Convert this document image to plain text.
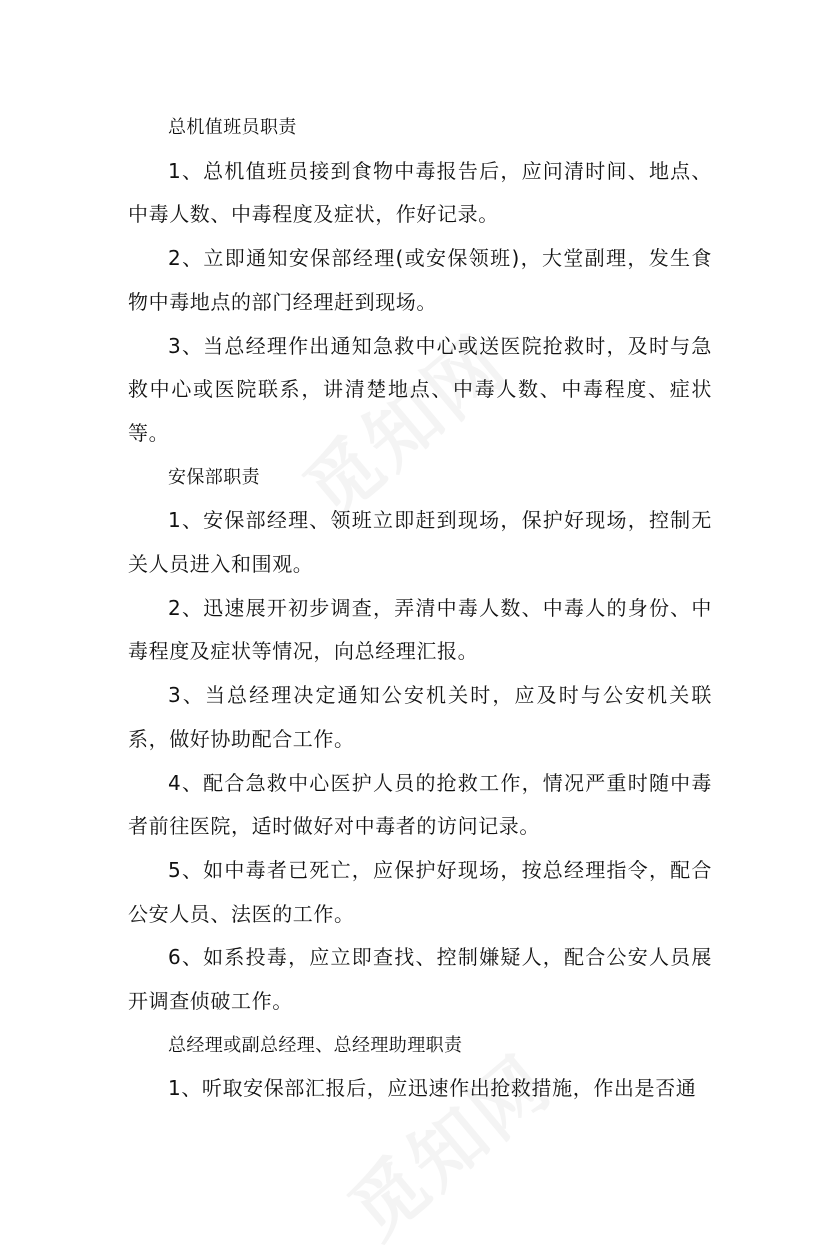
总机值班员职责

1、总机值班员接到食物中毒报告后，应问清时间、地点、中毒人数、中毒程度及症状，作好记录。

2、立即通知安保部经理(或安保领班)，大堂副理，发生食物中毒地点的部门经理赶到现场。

3、当总经理作出通知急救中心或送医院抢救时，及时与急救中心或医院联系，讲清楚地点、中毒人数、中毒程度、症状等。

安保部职责

1、安保部经理、领班立即赶到现场，保护好现场，控制无关人员进入和围观。

2、迅速展开初步调查，弄清中毒人数、中毒人的身份、中毒程度及症状等情况，向总经理汇报。

3、当总经理决定通知公安机关时，应及时与公安机关联系，做好协助配合工作。

4、配合急救中心医护人员的抢救工作，情况严重时随中毒者前往医院，适时做好对中毒者的访问记录。

5、如中毒者已死亡，应保护好现场，按总经理指令，配合公安人员、法医的工作。

6、如系投毒，应立即查找、控制嫌疑人，配合公安人员展开调查侦破工作。

总经理或副总经理、总经理助理职责

1、听取安保部汇报后，应迅速作出抢救措施，作出是否通
